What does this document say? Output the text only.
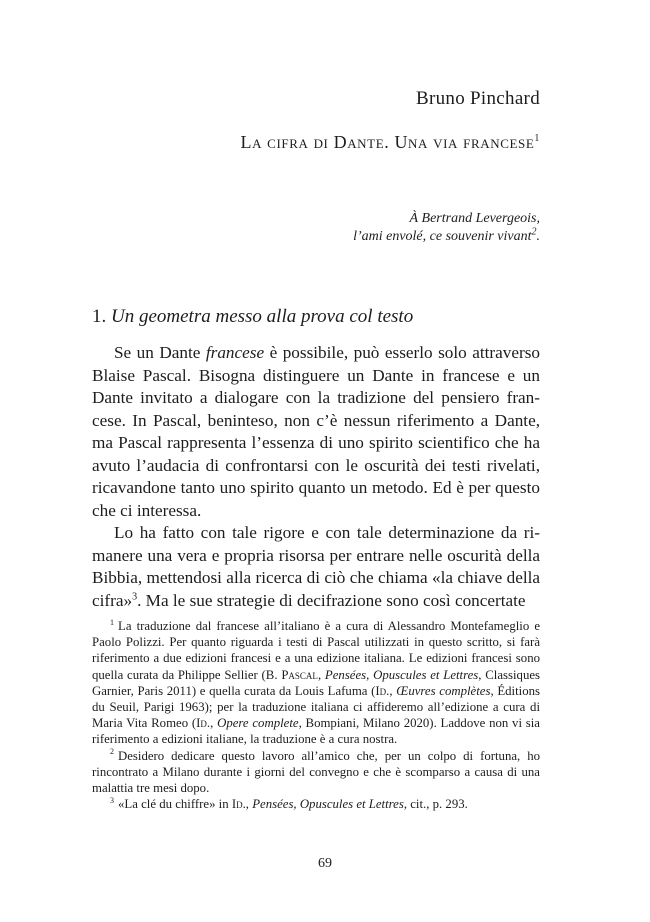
Bruno Pinchard
La cifra di Dante. Una via francese$^1$
À Bertrand Levergeois,
l’ami envolé, ce souvenir vivant$^2$.
1. Un geometra messo alla prova col testo

Se un Dante francese è possibile, può esserlo solo attraverso Blaise Pascal. Bisogna distinguere un Dante in francese e un Dante invitato a dialogare con la tradizione del pensiero francese. In Pascal, beninteso, non c’è nessun riferimento a Dante, ma Pascal rappresenta l’essenza di uno spirito scientifico che ha avuto l’audacia di confrontarsi con le oscurità dei testi rivelati, ricavandone tanto uno spirito quanto un metodo. Ed è per questo che ci interessa.

Lo ha fatto con tale rigore e con tale determinazione da rimanere una vera e propria risorsa per entrare nelle oscurità della Bibbia, mettendosi alla ricerca di ciò che chiama «la chiave della cifra»$^3$. Ma le sue strategie di decifrazione sono così concertate

$^1$ La traduzione dal francese all’italiano è a cura di Alessandro Montefameglio e Paolo Polizzi. Per quanto riguarda i testi di Pascal utilizzati in questo scritto, si farà riferimento a due edizioni francesi e a una edizione italiana. Le edizioni francesi sono quella curata da Philippe Sellier (B. Pascal, Pensées, Opuscules et Lettres, Classiques Garnier, Paris 2011) e quella curata da Louis Lafuma (Id., Œuvres complètes, Éditions du Seuil, Parigi 1963); per la traduzione italiana ci affideremo all’edizione a cura di Maria Vita Romeo (Id., Opere complete, Bompiani, Milano 2020). Laddove non vi sia riferimento a edizioni italiane, la traduzione è a cura nostra.

$^2$ Desidero dedicare questo lavoro all’amico che, per un colpo di fortuna, ho rincontrato a Milano durante i giorni del convegno e che è scomparso a causa di una malattia tre mesi dopo.

$^3$ «La clé du chiffre» in Id., Pensées, Opuscules et Lettres, cit., p. 293.

69
